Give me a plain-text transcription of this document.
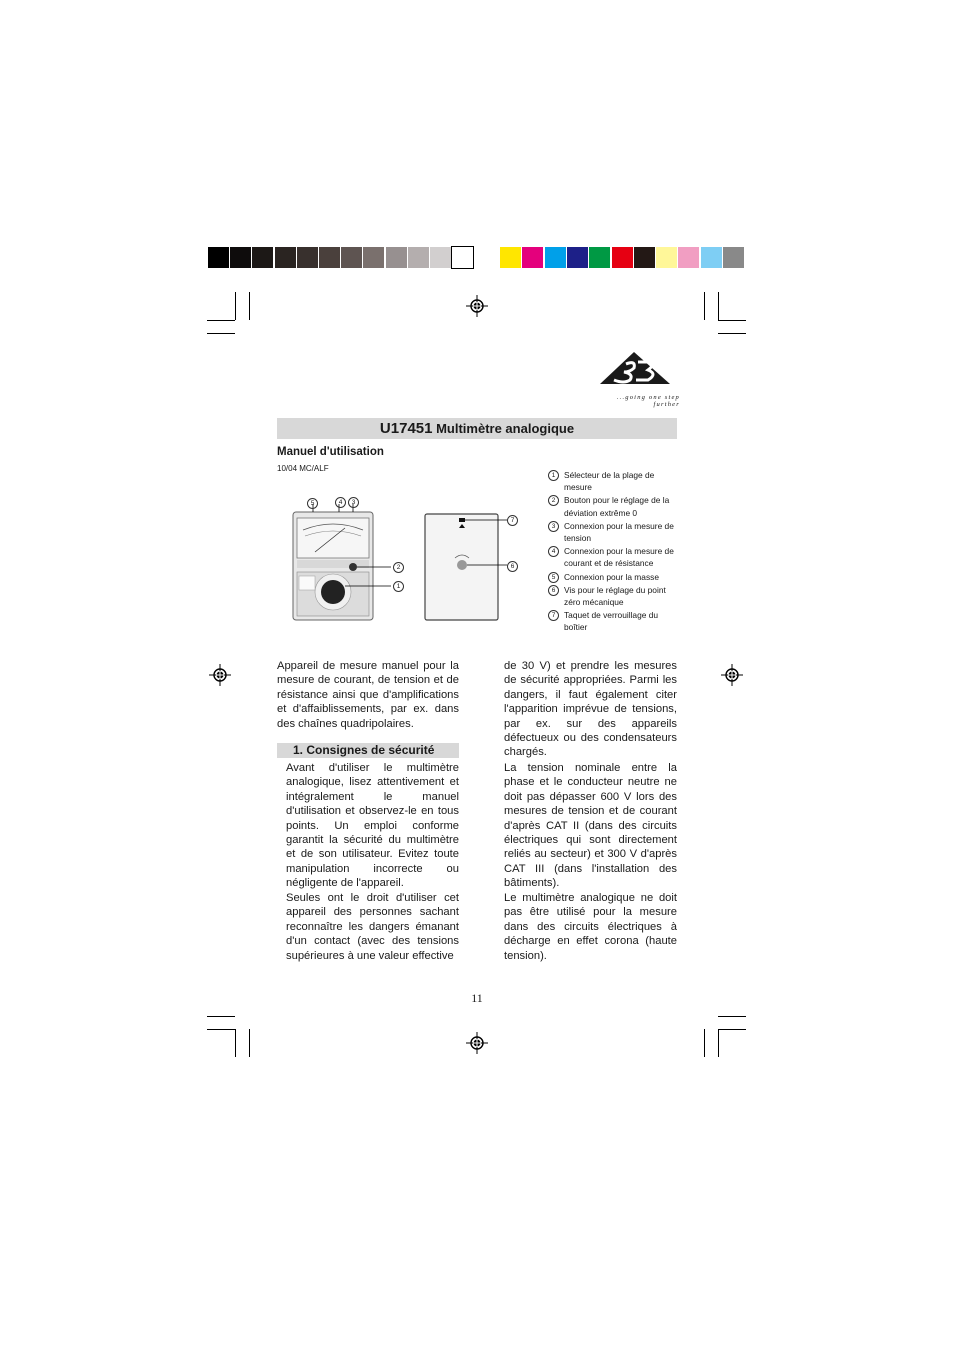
...going one step further
U17451 Multimètre analogique
Manuel d'utilisation
10/04 MC/ALF
5	4	3
2
1
7
6
1	Sélecteur de la plage de mesure
2	Bouton pour le réglage de la déviation extrême 0
3	Connexion pour la mesure de tension
4	Connexion pour la mesure de courant et de résistance
5	Connexion pour la masse
6	Vis pour le réglage du point zéro mécanique
7	Taquet de verrouillage du boîtier
Appareil de mesure manuel pour la mesure de courant, de tension et de résistance ainsi que d'amplifications et d'affaiblissements, par ex. dans des chaînes quadripolaires.
1. Consignes de sécurité
Avant d'utiliser le multimètre analogique, lisez attentivement et intégralement le manuel d'utilisation et observez-le en tous points. Un emploi conforme garantit la sécurité du multimètre et de son utilisateur. Evitez toute manipulation incorrecte ou négligente de l'appareil.
Seules ont le droit d'utiliser cet appareil des personnes sachant reconnaître les dangers émanant d'un contact (avec des tensions supérieures à une valeur effective
de 30 V) et prendre les mesures de sécurité appropriées. Parmi les dangers, il faut également citer l'apparition imprévue de tensions, par ex. sur des appareils défectueux ou des condensateurs chargés.
La tension nominale entre la phase et le conducteur neutre ne doit pas dépasser 600 V lors des mesures de tension et de courant d'après CAT II (dans des circuits électriques qui sont directement reliés au secteur) et 300 V d'après CAT III (dans l'installation des bâtiments).
Le multimètre analogique ne doit pas être utilisé pour la mesure dans des circuits électriques à décharge en effet corona (haute tension).
11
